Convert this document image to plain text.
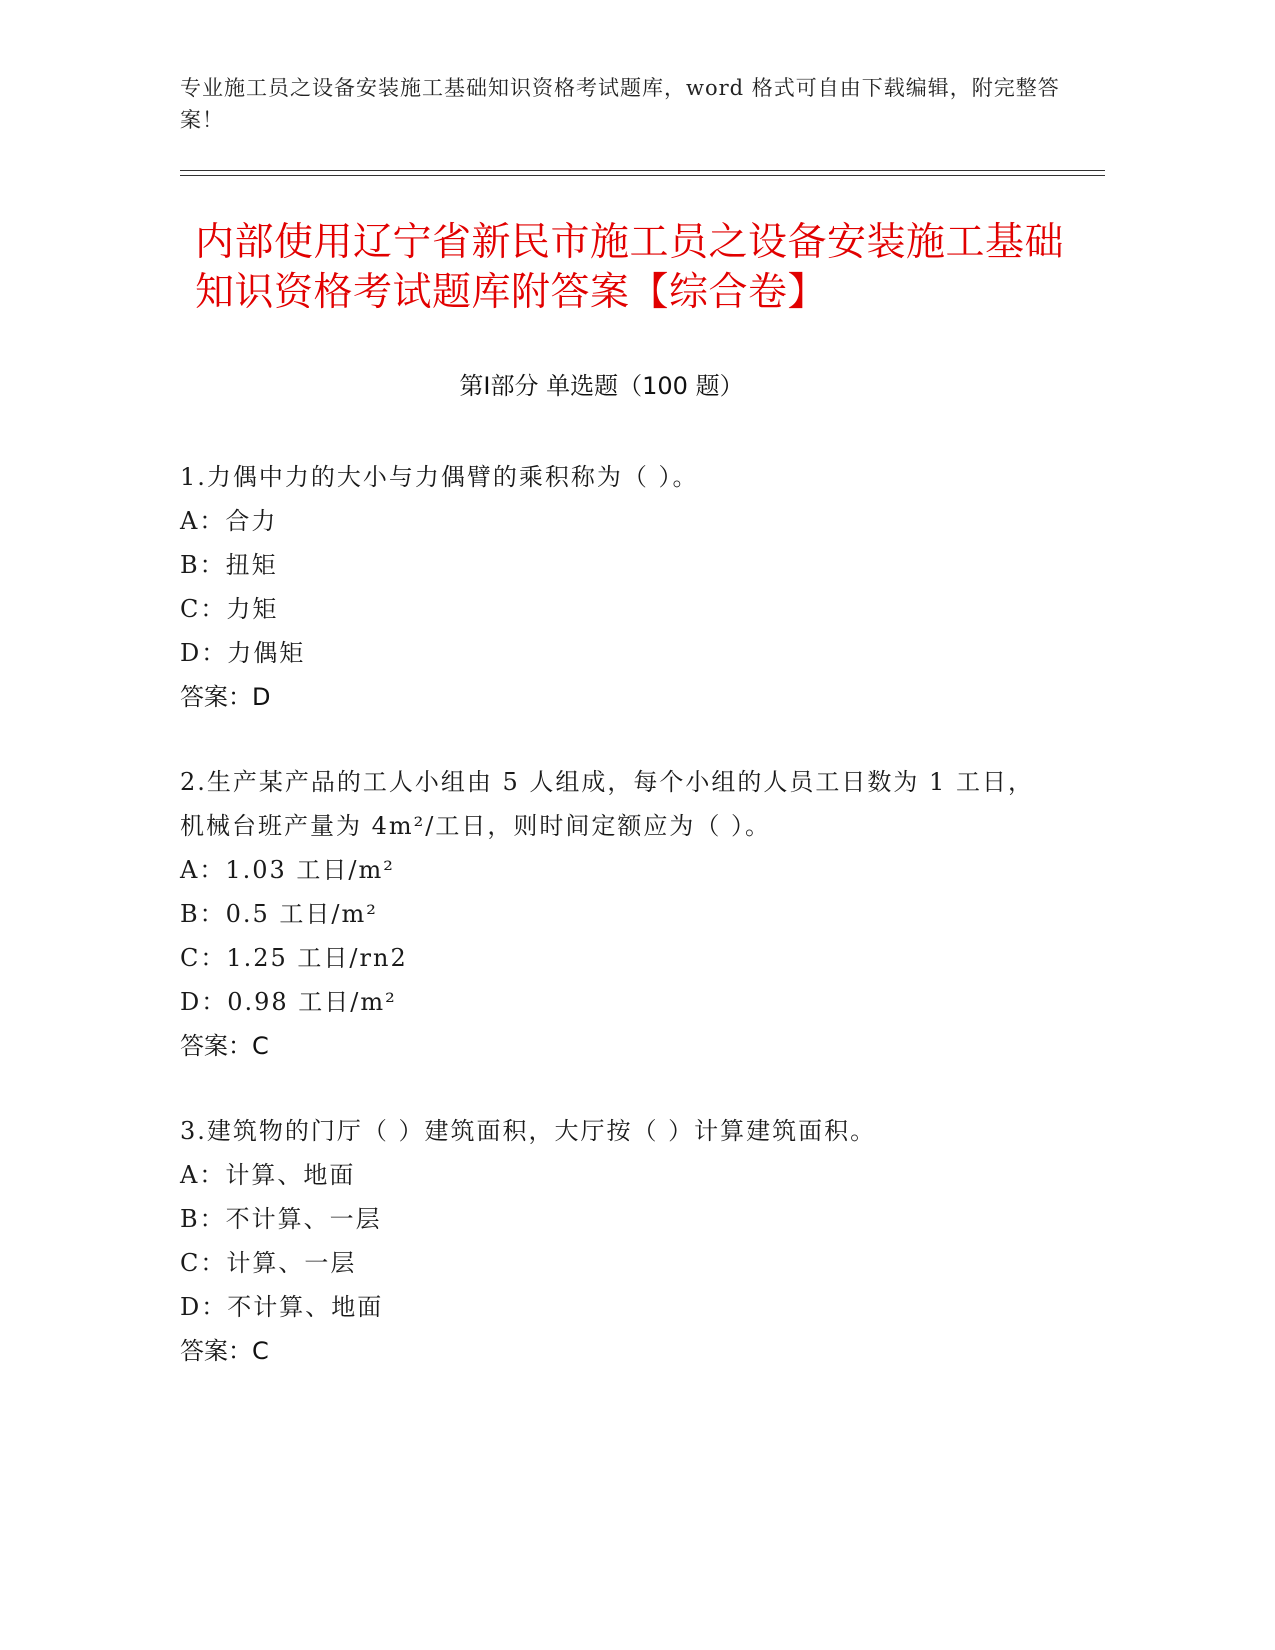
专业施工员之设备安装施工基础知识资格考试题库，word 格式可自由下载编辑，附完整答案！
内部使用辽宁省新民市施工员之设备安装施工基础知识资格考试题库附答案【综合卷】
第Ⅰ部分 单选题（100 题）
1.力偶中力的大小与力偶臂的乘积称为（ ）。
A：合力
B：扭矩
C：力矩
D：力偶矩
答案：D
2.生产某产品的工人小组由 5 人组成，每个小组的人员工日数为 1 工日，机械台班产量为 4m²/工日，则时间定额应为（ ）。
A：1.03 工日/m²
B：0.5 工日/m²
C：1.25 工日/rn2
D：0.98 工日/m²
答案：C
3.建筑物的门厅（ ）建筑面积，大厅按（ ）计算建筑面积。
A：计算、地面
B：不计算、一层
C：计算、一层
D：不计算、地面
答案：C
